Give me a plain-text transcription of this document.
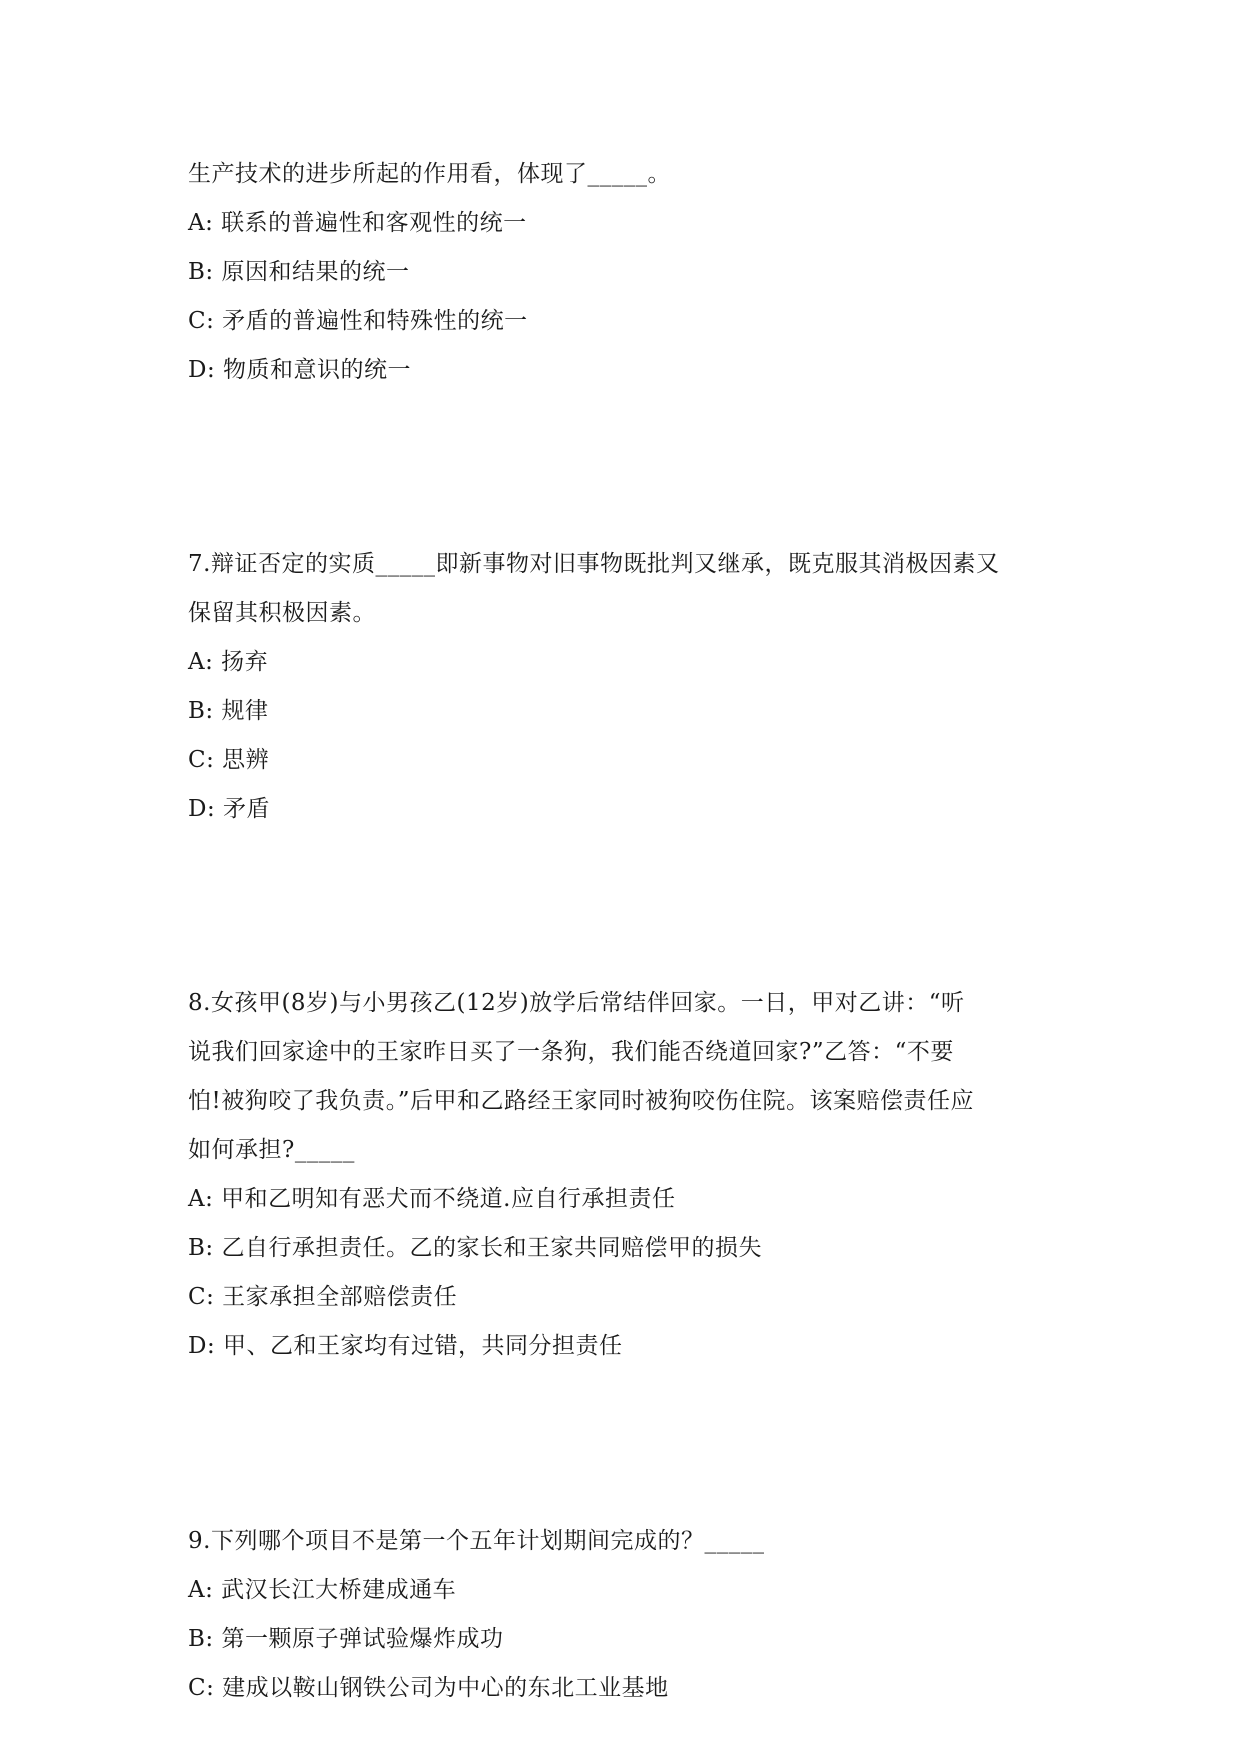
生产技术的进步所起的作用看，体现了_____。
A: 联系的普遍性和客观性的统一
B: 原因和结果的统一
C: 矛盾的普遍性和特殊性的统一
D: 物质和意识的统一
7.辩证否定的实质_____即新事物对旧事物既批判又继承，既克服其消极因素又
保留其积极因素。
A: 扬弃
B: 规律
C: 思辨
D: 矛盾
8.女孩甲(8岁)与小男孩乙(12岁)放学后常结伴回家。一日，甲对乙讲：“听
说我们回家途中的王家昨日买了一条狗，我们能否绕道回家?”乙答：“不要
怕!被狗咬了我负责。”后甲和乙路经王家同时被狗咬伤住院。该案赔偿责任应
如何承担?_____
A: 甲和乙明知有恶犬而不绕道.应自行承担责任
B: 乙自行承担责任。乙的家长和王家共同赔偿甲的损失
C: 王家承担全部赔偿责任
D: 甲、乙和王家均有过错，共同分担责任
9.下列哪个项目不是第一个五年计划期间完成的？_____
A: 武汉长江大桥建成通车
B: 第一颗原子弹试验爆炸成功
C: 建成以鞍山钢铁公司为中心的东北工业基地
